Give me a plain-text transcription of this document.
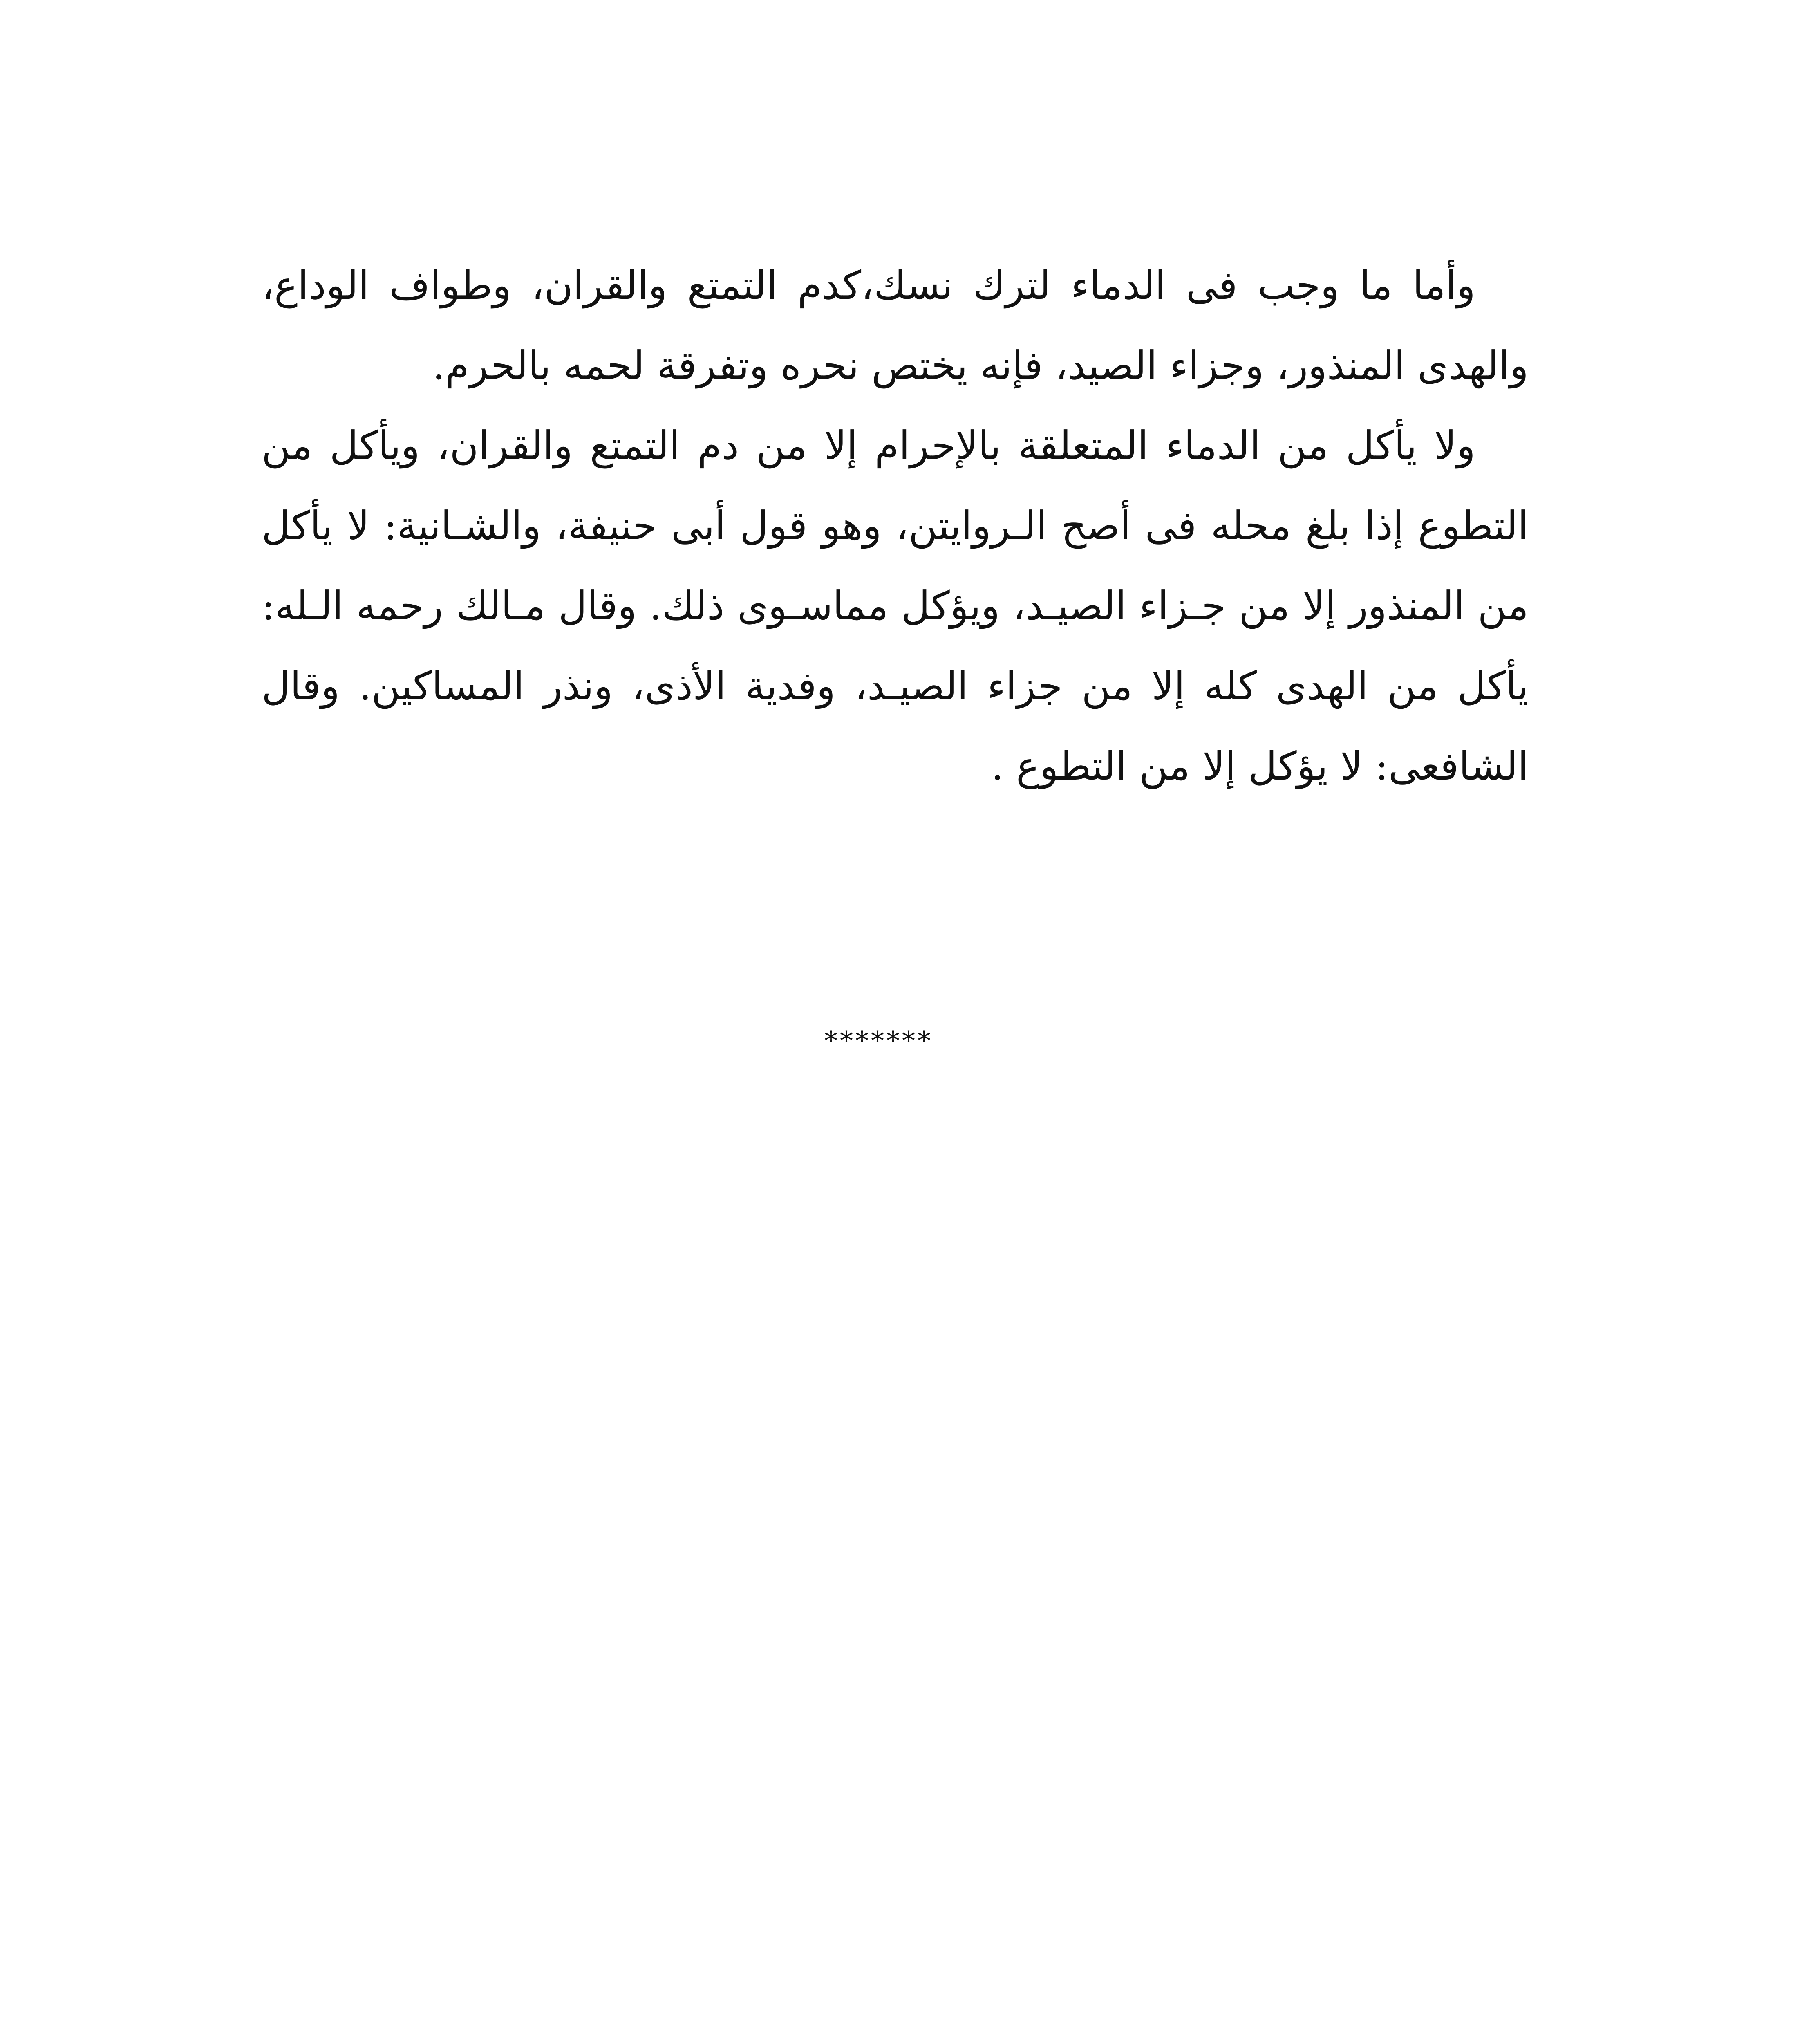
وأما ما وجب فى الدماء لترك نسك،كدم التمتع والقران، وطواف الوداع، والهدى المنذور، وجزاء الصيد، فإنه يختص نحره وتفرقة لحمه بالحرم.

ولا يأكل من الدماء المتعلقة بالإحرام إلا من دم التمتع والقران، ويأكل من التطوع إذا بلغ محله فى أصح الـروايتن، وهو قول أبى حنيفة، والشـانية: لا يأكل من المنذور إلا من جـزاء الصيـد، ويؤكل مماسـوى ذلك. وقال مـالك رحمه الـله: يأكل من الهدى كله إلا من جزاء الصيـد، وفدية الأذى، ونذر المساكين. وقال الشافعى: لا يؤكل إلا من التطوع .

*******
